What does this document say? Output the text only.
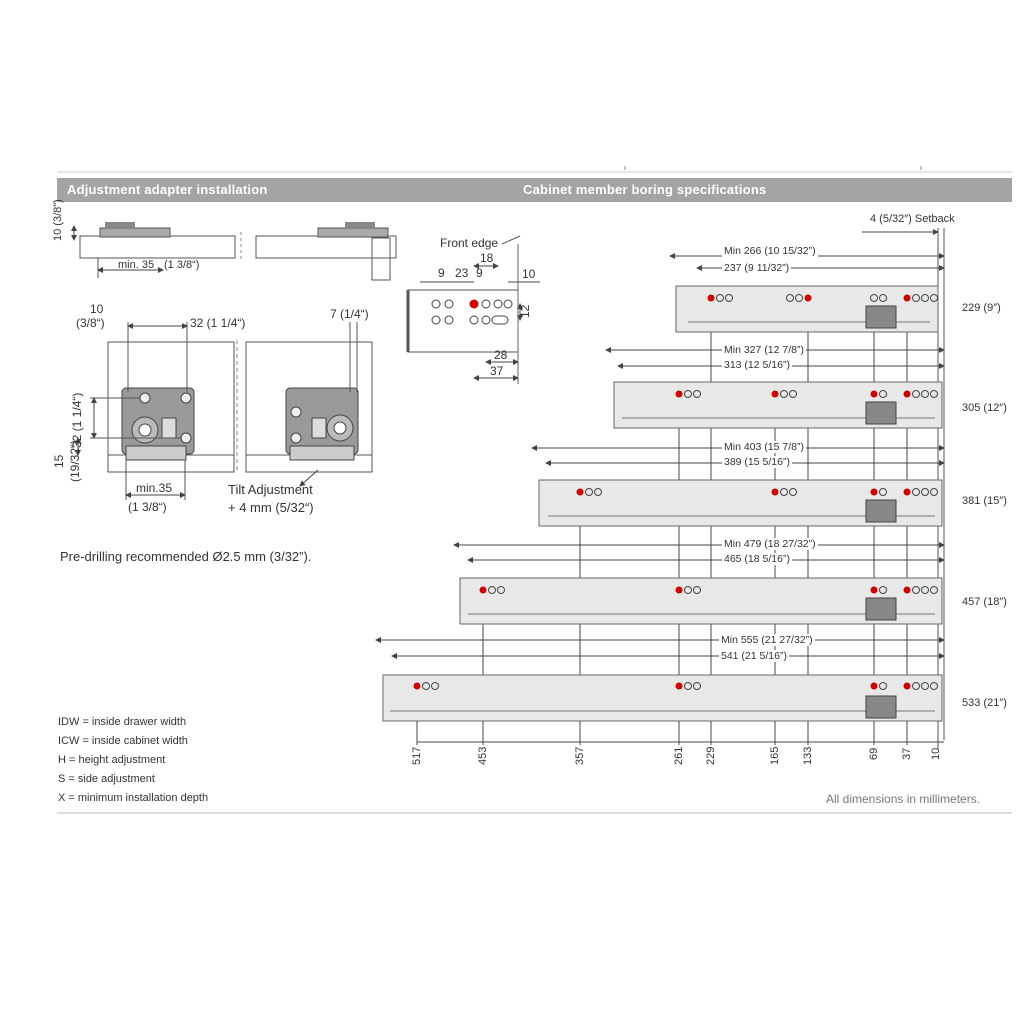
Adjustment adapter installation	Cabinet member boring specifications
10 (3/8")
min. 35 (1 3/8“)
10
(3/8“)	32 (1 1/4“)
7 (1/4“)
32 (1 1/4“)
15 (19/32“)
min.35
(1 3/8“)
Tilt Adjustment
+ 4 mm (5/32“)
Pre-drilling recommended Ø2.5 mm (3/32”).
Front edge
9 23 9
18
10
12
28
37
4 (5/32″) Setback
Min 266 (10 15/32”)
237 (9 11/32”)
229 (9″)
Min 327 (12 7/8”)
313 (12 5/16”)
305 (12″)
Min 403 (15 7/8”)
389 (15 5/16”)
381 (15″)
Min 479 (18 27/32”)
465 (18 5/16”)
457 (18″)
Min 555 (21 27/32”)
541 (21 5/16”)
533 (21″)
517	453	357	261 229	165 133	69 37 10
IDW = inside drawer width
ICW = inside cabinet width
H = height adjustment
S = side adjustment
X = minimum installation depth	All dimensions in millimeters.
